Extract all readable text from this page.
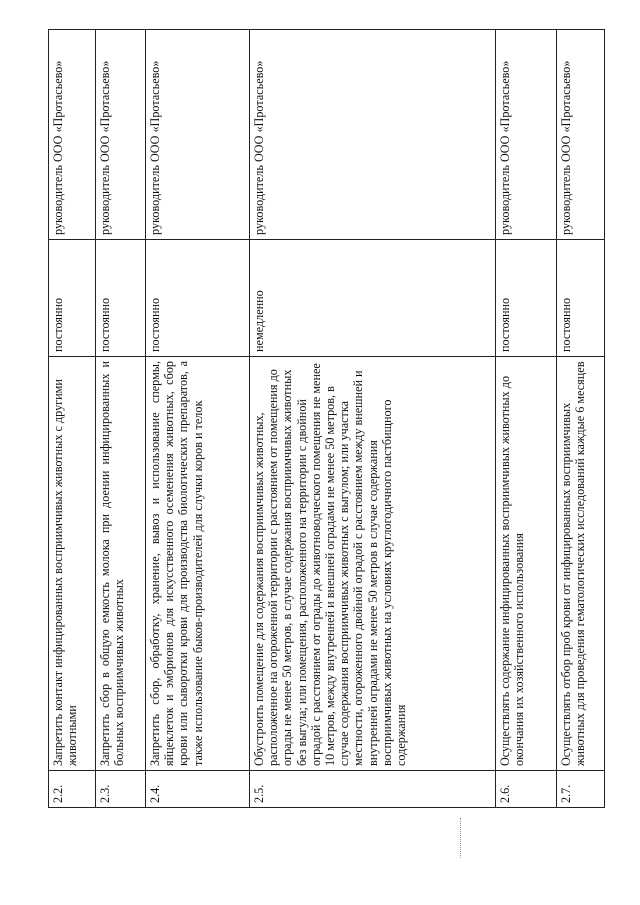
2.2.	Запретить контакт инфицированных восприимчивых животных с другими животными	постоянно	руководитель ООО «Протасьево»
2.3.	Запретить сбор в общую емкость молока при доении инфицированных и больных восприимчивых животных	постоянно	руководитель ООО «Протасьево»
2.4.	Запретить сбор, обработку, хранение, вывоз и использование спермы, яйцеклеток и эмбрионов для искусственного осеменения животных, сбор крови или сыворотки крови для производства биологических препаратов, а также использование быков-производителей для случки коров и телок	постоянно	руководитель ООО «Протасьево»
2.5.	Обустроить помещение для содержания восприимчивых животных, расположенное на огороженной территории с расстоянием от помещения до ограды не менее 50 метров, в случае содержания восприимчивых животных без выгула; или помещения, расположенного на территории с двойной оградой с расстоянием от ограды до животноводческого помещения не менее 10 метров, между внутренней и внешней оградами не менее 50 метров, в случае содержания восприимчивых животных с выгулом; или участка местности, огороженного двойной оградой с расстоянием между внешней и внутренней оградами не менее 50 метров в случае содержания восприимчивых животных на условиях круглогодичного пастбищного содержания	немедленно	руководитель ООО «Протасьево»
2.6.	Осуществлять содержание инфицированных восприимчивых животных до окончания их хозяйственного использования	постоянно	руководитель ООО «Протасьево»
2.7.	Осуществлять отбор проб крови от инфицированных восприимчивых животных для проведения гематологических исследований каждые 6 месяцев	постоянно	руководитель ООО «Протасьево»
